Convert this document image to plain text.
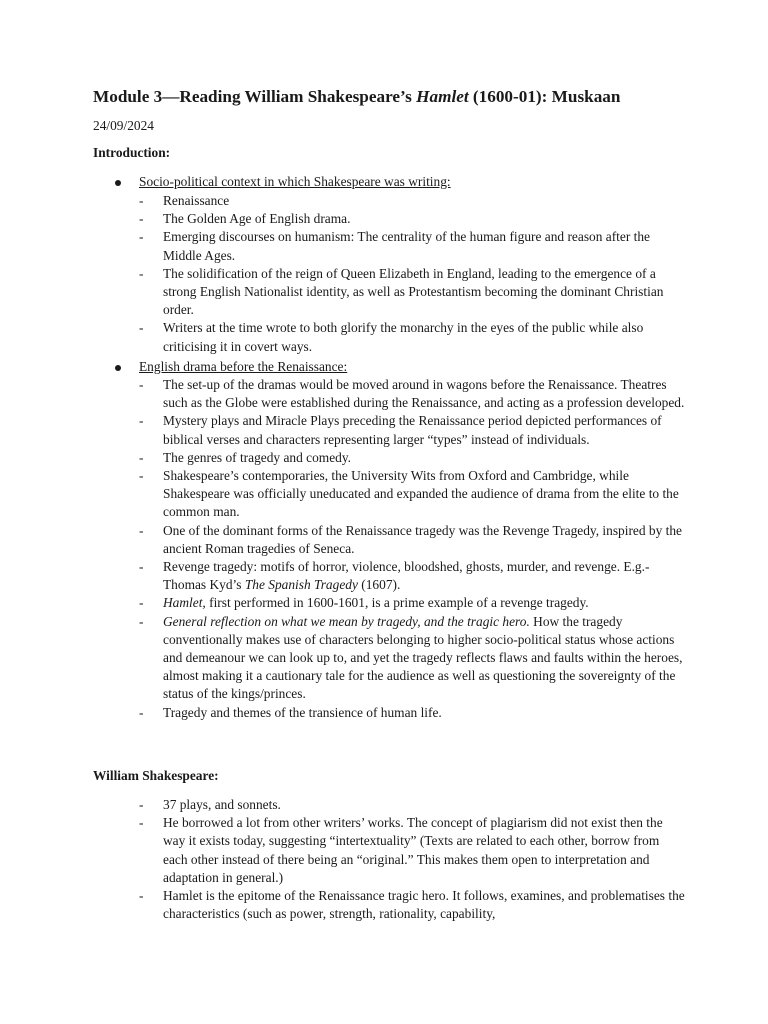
Module 3—Reading William Shakespeare’s Hamlet (1600-01): Muskaan
24/09/2024
Introduction:
Socio-political context in which Shakespeare was writing:
- Renaissance
- The Golden Age of English drama.
- Emerging discourses on humanism: The centrality of the human figure and reason after the Middle Ages.
- The solidification of the reign of Queen Elizabeth in England, leading to the emergence of a strong English Nationalist identity, as well as Protestantism becoming the dominant Christian order.
- Writers at the time wrote to both glorify the monarchy in the eyes of the public while also criticising it in covert ways.
English drama before the Renaissance:
- The set-up of the dramas would be moved around in wagons before the Renaissance. Theatres such as the Globe were established during the Renaissance, and acting as a profession developed.
- Mystery plays and Miracle Plays preceding the Renaissance period depicted performances of biblical verses and characters representing larger “types” instead of individuals.
- The genres of tragedy and comedy.
- Shakespeare’s contemporaries, the University Wits from Oxford and Cambridge, while Shakespeare was officially uneducated and expanded the audience of drama from the elite to the common man.
- One of the dominant forms of the Renaissance tragedy was the Revenge Tragedy, inspired by the ancient Roman tragedies of Seneca.
- Revenge tragedy: motifs of horror, violence, bloodshed, ghosts, murder, and revenge. E.g.- Thomas Kyd’s The Spanish Tragedy (1607).
- Hamlet, first performed in 1600-1601, is a prime example of a revenge tragedy.
- General reflection on what we mean by tragedy, and the tragic hero. How the tragedy conventionally makes use of characters belonging to higher socio-political status whose actions and demeanour we can look up to, and yet the tragedy reflects flaws and faults within the heroes, almost making it a cautionary tale for the audience as well as questioning the sovereignty of the status of the kings/princes.
- Tragedy and themes of the transience of human life.
William Shakespeare:
- 37 plays, and sonnets.
- He borrowed a lot from other writers’ works. The concept of plagiarism did not exist then the way it exists today, suggesting “intertextuality” (Texts are related to each other, borrow from each other instead of there being an “original.” This makes them open to interpretation and adaptation in general.)
- Hamlet is the epitome of the Renaissance tragic hero. It follows, examines, and problematises the characteristics (such as power, strength, rationality, capability,
